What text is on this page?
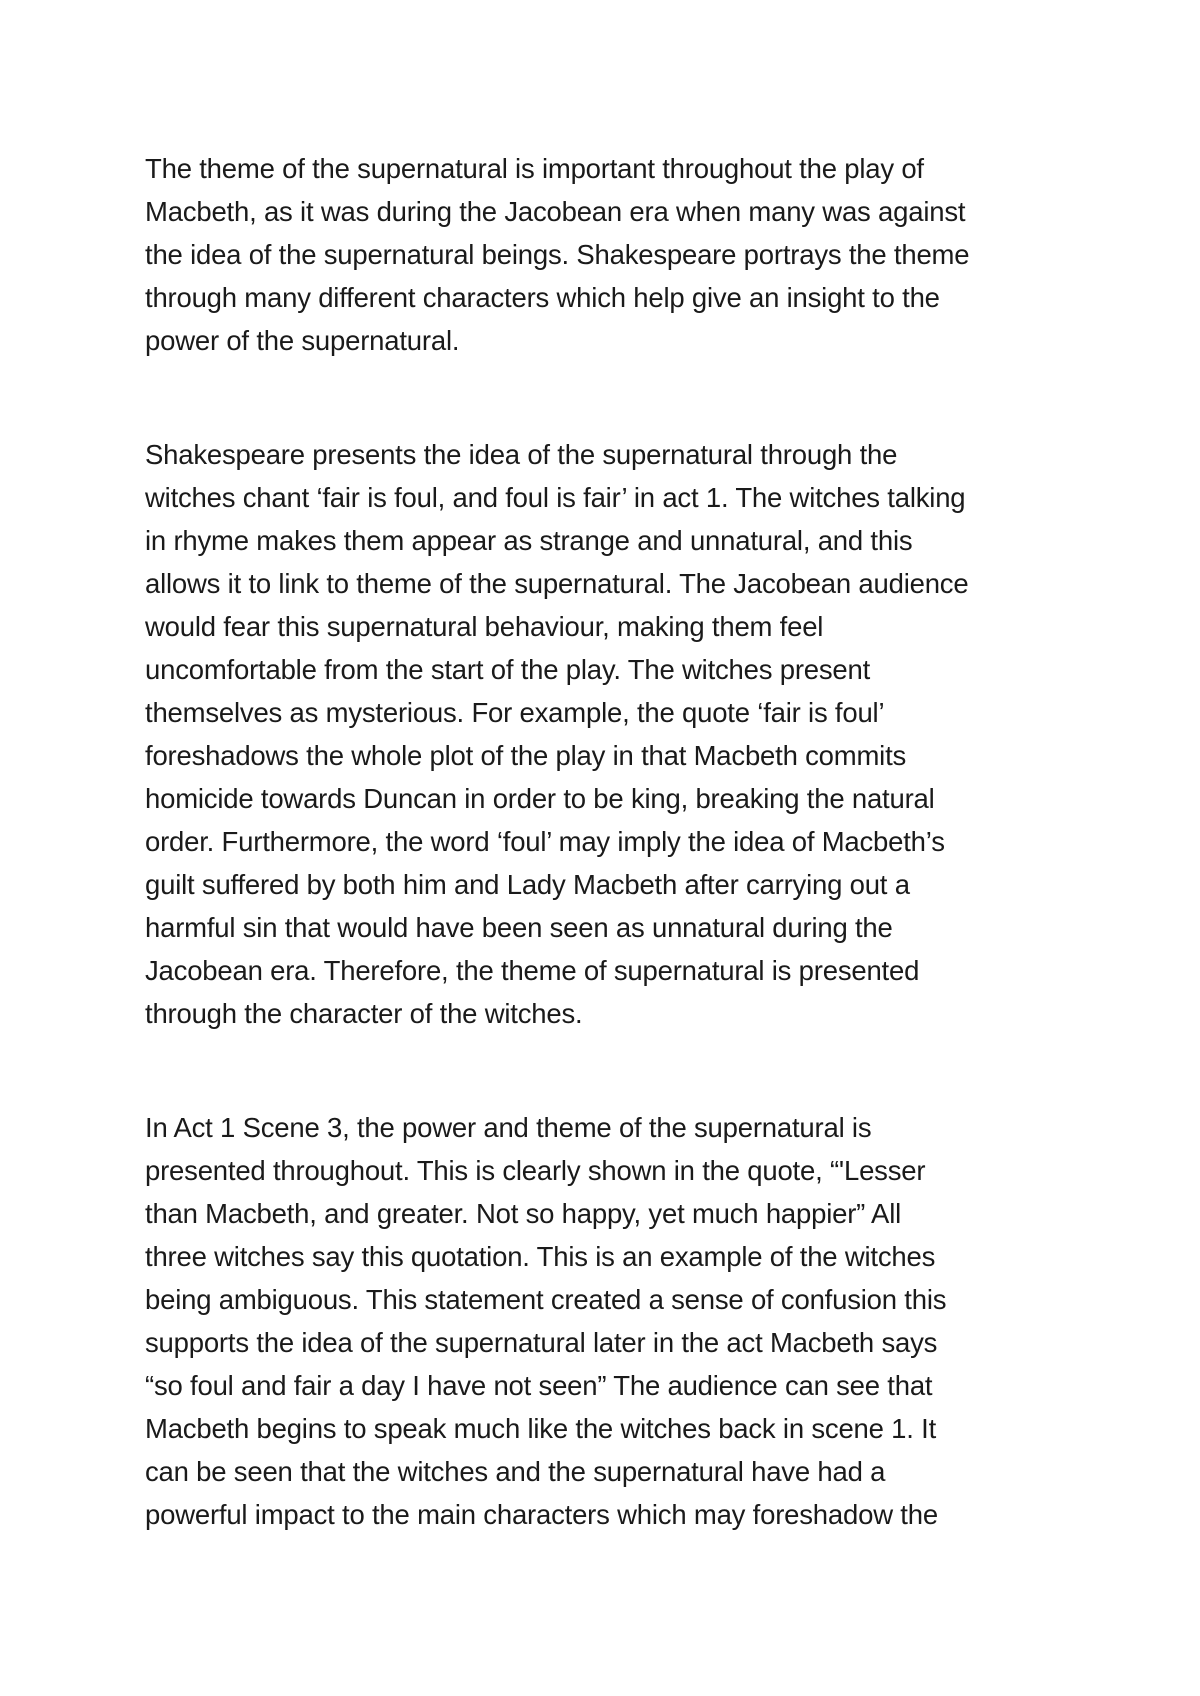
The theme of the supernatural is important throughout the play of
Macbeth, as it was during the Jacobean era when many was against
the idea of the supernatural beings. Shakespeare portrays the theme
through many different characters which help give an insight to the
power of the supernatural.
Shakespeare presents the idea of the supernatural through the
witches chant ‘fair is foul, and foul is fair’ in act 1. The witches talking
in rhyme makes them appear as strange and unnatural, and this
allows it to link to theme of the supernatural. The Jacobean audience
would fear this supernatural behaviour, making them feel
uncomfortable from the start of the play. The witches present
themselves as mysterious. For example, the quote ‘fair is foul’
foreshadows the whole plot of the play in that Macbeth commits
homicide towards Duncan in order to be king, breaking the natural
order. Furthermore, the word ‘foul’ may imply the idea of Macbeth’s
guilt suffered by both him and Lady Macbeth after carrying out a
harmful sin that would have been seen as unnatural during the
Jacobean era. Therefore, the theme of supernatural is presented
through the character of the witches.
In Act 1 Scene 3, the power and theme of the supernatural is
presented throughout. This is clearly shown in the quote, “'Lesser
than Macbeth, and greater. Not so happy, yet much happier” All
three witches say this quotation. This is an example of the witches
being ambiguous. This statement created a sense of confusion this
supports the idea of the supernatural later in the act Macbeth says
“so foul and fair a day I have not seen” The audience can see that
Macbeth begins to speak much like the witches back in scene 1. It
can be seen that the witches and the supernatural have had a
powerful impact to the main characters which may foreshadow the
